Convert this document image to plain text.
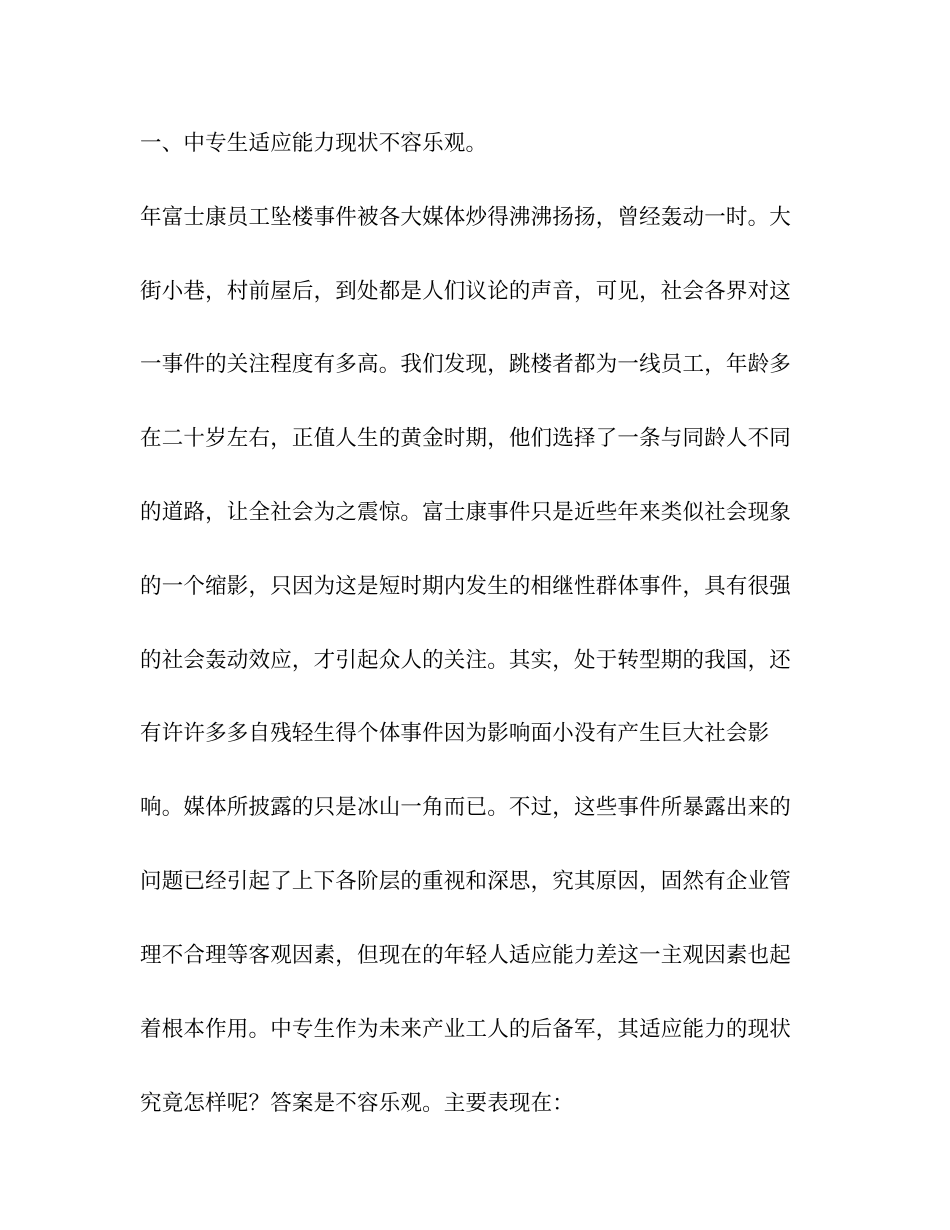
一、中专生适应能力现状不容乐观。
年富士康员工坠楼事件被各大媒体炒得沸沸扬扬，曾经轰动一时。大
街小巷，村前屋后，到处都是人们议论的声音，可见，社会各界对这
一事件的关注程度有多高。我们发现，跳楼者都为一线员工，年龄多
在二十岁左右，正值人生的黄金时期，他们选择了一条与同龄人不同
的道路，让全社会为之震惊。富士康事件只是近些年来类似社会现象
的一个缩影，只因为这是短时期内发生的相继性群体事件，具有很强
的社会轰动效应，才引起众人的关注。其实，处于转型期的我国，还
有许许多多自残轻生得个体事件因为影响面小没有产生巨大社会影
响。媒体所披露的只是冰山一角而已。不过，这些事件所暴露出来的
问题已经引起了上下各阶层的重视和深思，究其原因，固然有企业管
理不合理等客观因素，但现在的年轻人适应能力差这一主观因素也起
着根本作用。中专生作为未来产业工人的后备军，其适应能力的现状
究竟怎样呢？答案是不容乐观。主要表现在：
